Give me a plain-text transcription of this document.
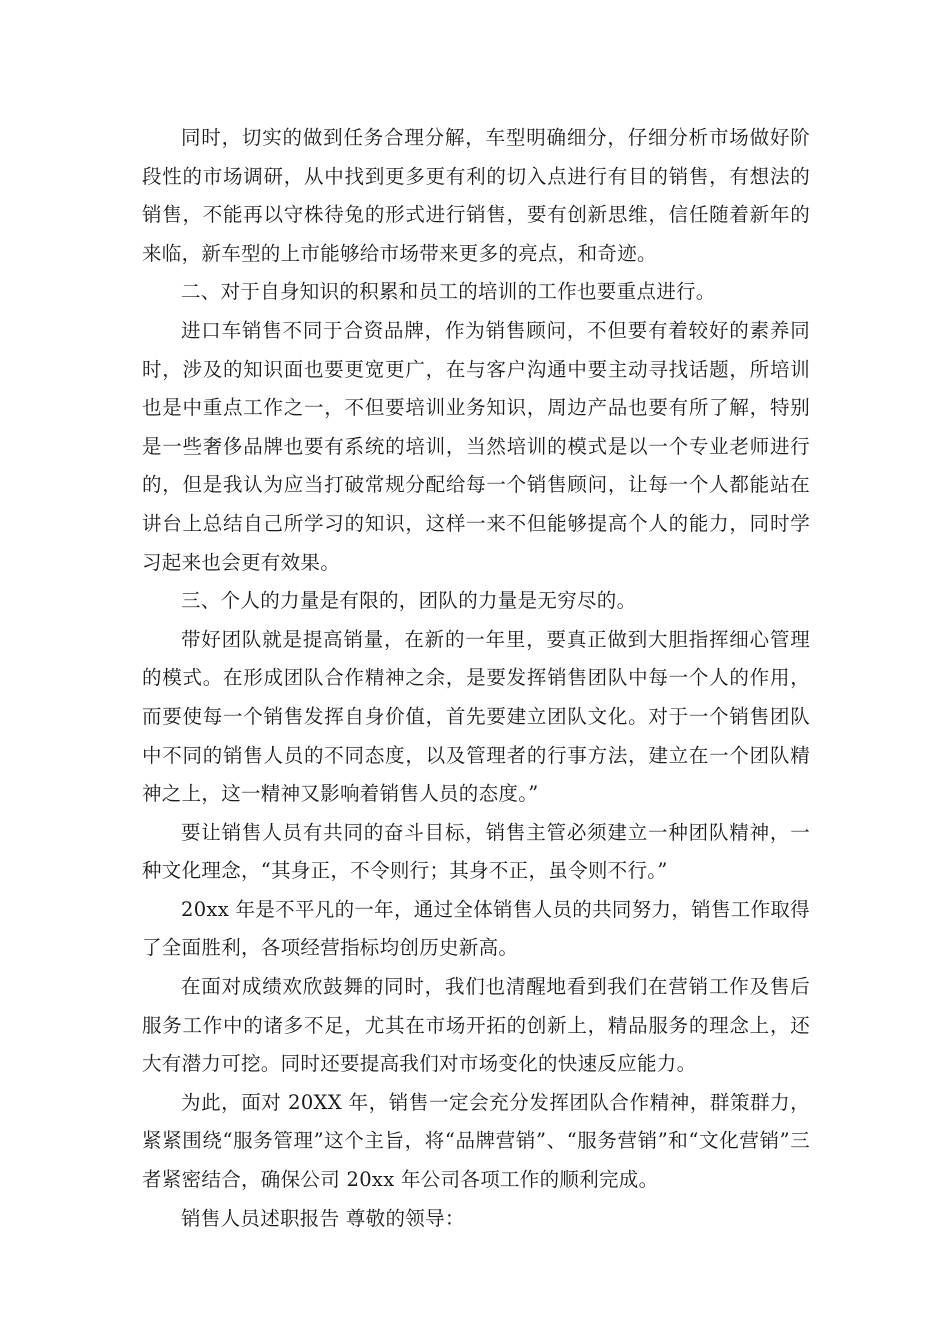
同时，切实的做到任务合理分解，车型明确细分，仔细分析市场做好阶段性的市场调研，从中找到更多更有利的切入点进行有目的销售，有想法的销售，不能再以守株待兔的形式进行销售，要有创新思维，信任随着新年的来临，新车型的上市能够给市场带来更多的亮点，和奇迹。

二、对于自身知识的积累和员工的培训的工作也要重点进行。

进口车销售不同于合资品牌，作为销售顾问，不但要有着较好的素养同时，涉及的知识面也要更宽更广，在与客户沟通中要主动寻找话题，所培训也是中重点工作之一，不但要培训业务知识，周边产品也要有所了解，特别是一些奢侈品牌也要有系统的培训，当然培训的模式是以一个专业老师进行的，但是我认为应当打破常规分配给每一个销售顾问，让每一个人都能站在讲台上总结自己所学习的知识，这样一来不但能够提高个人的能力，同时学习起来也会更有效果。

三、个人的力量是有限的，团队的力量是无穷尽的。

带好团队就是提高销量，在新的一年里，要真正做到大胆指挥细心管理的模式。在形成团队合作精神之余，是要发挥销售团队中每一个人的作用，而要使每一个销售发挥自身价值，首先要建立团队文化。对于一个销售团队中不同的销售人员的不同态度，以及管理者的行事方法，建立在一个团队精神之上，这一精神又影响着销售人员的态度。”

要让销售人员有共同的奋斗目标，销售主管必须建立一种团队精神，一种文化理念，“其身正，不令则行；其身不正，虽令则不行。”

20xx 年是不平凡的一年，通过全体销售人员的共同努力，销售工作取得了全面胜利，各项经营指标均创历史新高。

在面对成绩欢欣鼓舞的同时，我们也清醒地看到我们在营销工作及售后服务工作中的诸多不足，尤其在市场开拓的创新上，精品服务的理念上，还大有潜力可挖。同时还要提高我们对市场变化的快速反应能力。

为此，面对 20XX 年，销售一定会充分发挥团队合作精神，群策群力，紧紧围绕“服务管理”这个主旨，将“品牌营销”、“服务营销”和“文化营销”三者紧密结合，确保公司 20xx 年公司各项工作的顺利完成。

销售人员述职报告 尊敬的领导：
